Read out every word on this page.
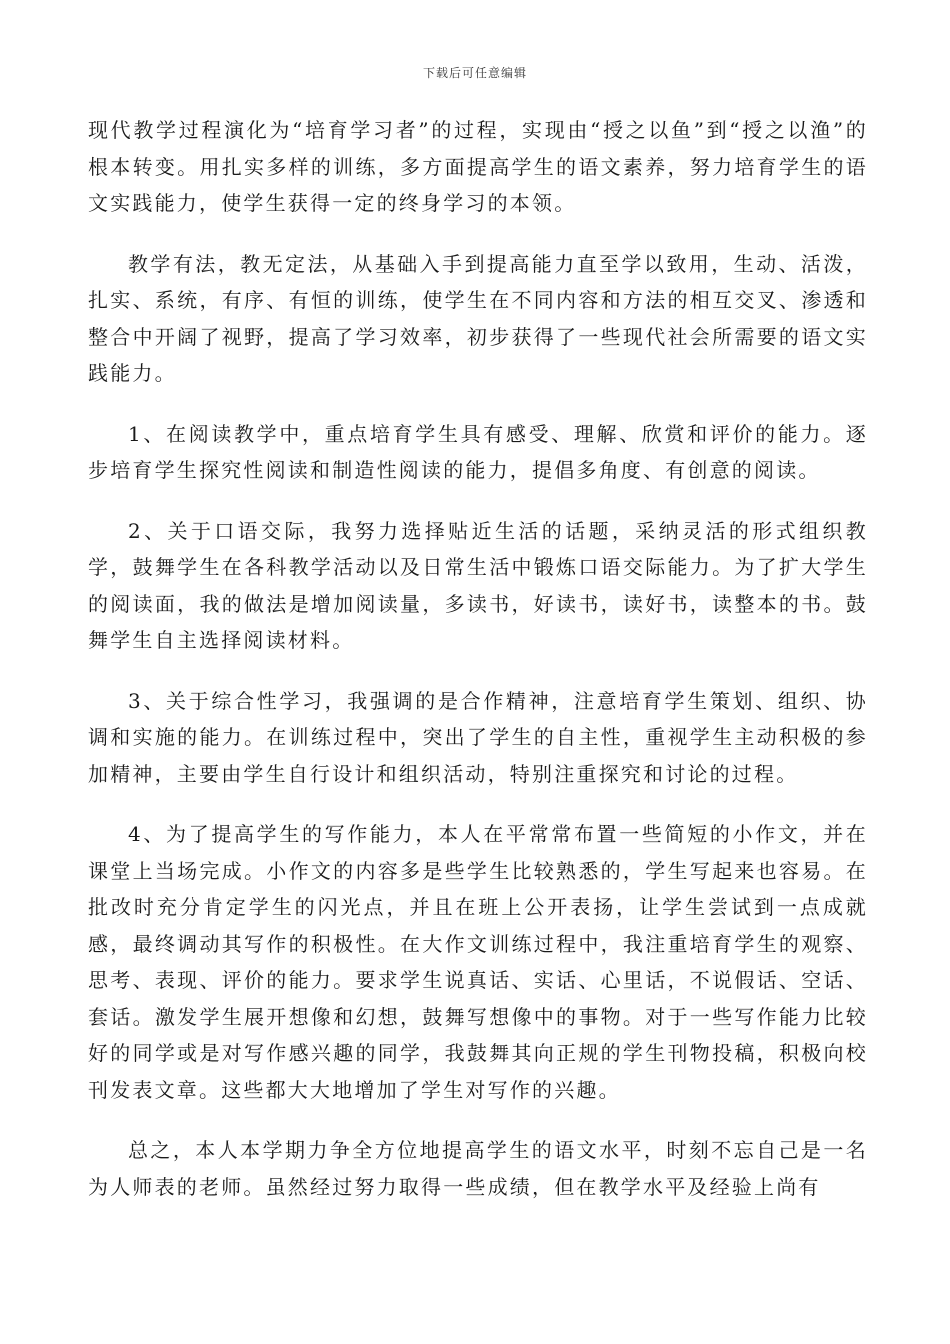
下载后可任意编辑

现代教学过程演化为“培育学习者”的过程，实现由“授之以鱼”到“授之以渔”的根本转变。用扎实多样的训练，多方面提高学生的语文素养，努力培育学生的语文实践能力，使学生获得一定的终身学习的本领。

教学有法，教无定法，从基础入手到提高能力直至学以致用，生动、活泼，扎实、系统，有序、有恒的训练，使学生在不同内容和方法的相互交叉、渗透和整合中开阔了视野，提高了学习效率，初步获得了一些现代社会所需要的语文实践能力。

1、在阅读教学中，重点培育学生具有感受、理解、欣赏和评价的能力。逐步培育学生探究性阅读和制造性阅读的能力，提倡多角度、有创意的阅读。

2、关于口语交际，我努力选择贴近生活的话题，采纳灵活的形式组织教学，鼓舞学生在各科教学活动以及日常生活中锻炼口语交际能力。为了扩大学生的阅读面，我的做法是增加阅读量，多读书，好读书，读好书，读整本的书。鼓舞学生自主选择阅读材料。

3、关于综合性学习，我强调的是合作精神，注意培育学生策划、组织、协调和实施的能力。在训练过程中，突出了学生的自主性，重视学生主动积极的参加精神，主要由学生自行设计和组织活动，特别注重探究和讨论的过程。

4、为了提高学生的写作能力，本人在平常常布置一些简短的小作文，并在课堂上当场完成。小作文的内容多是些学生比较熟悉的，学生写起来也容易。在批改时充分肯定学生的闪光点，并且在班上公开表扬，让学生尝试到一点成就感，最终调动其写作的积极性。在大作文训练过程中，我注重培育学生的观察、思考、表现、评价的能力。要求学生说真话、实话、心里话，不说假话、空话、套话。激发学生展开想像和幻想，鼓舞写想像中的事物。对于一些写作能力比较好的同学或是对写作感兴趣的同学，我鼓舞其向正规的学生刊物投稿，积极向校刊发表文章。这些都大大地增加了学生对写作的兴趣。

总之，本人本学期力争全方位地提高学生的语文水平，时刻不忘自己是一名为人师表的老师。虽然经过努力取得一些成绩，但在教学水平及经验上尚有
